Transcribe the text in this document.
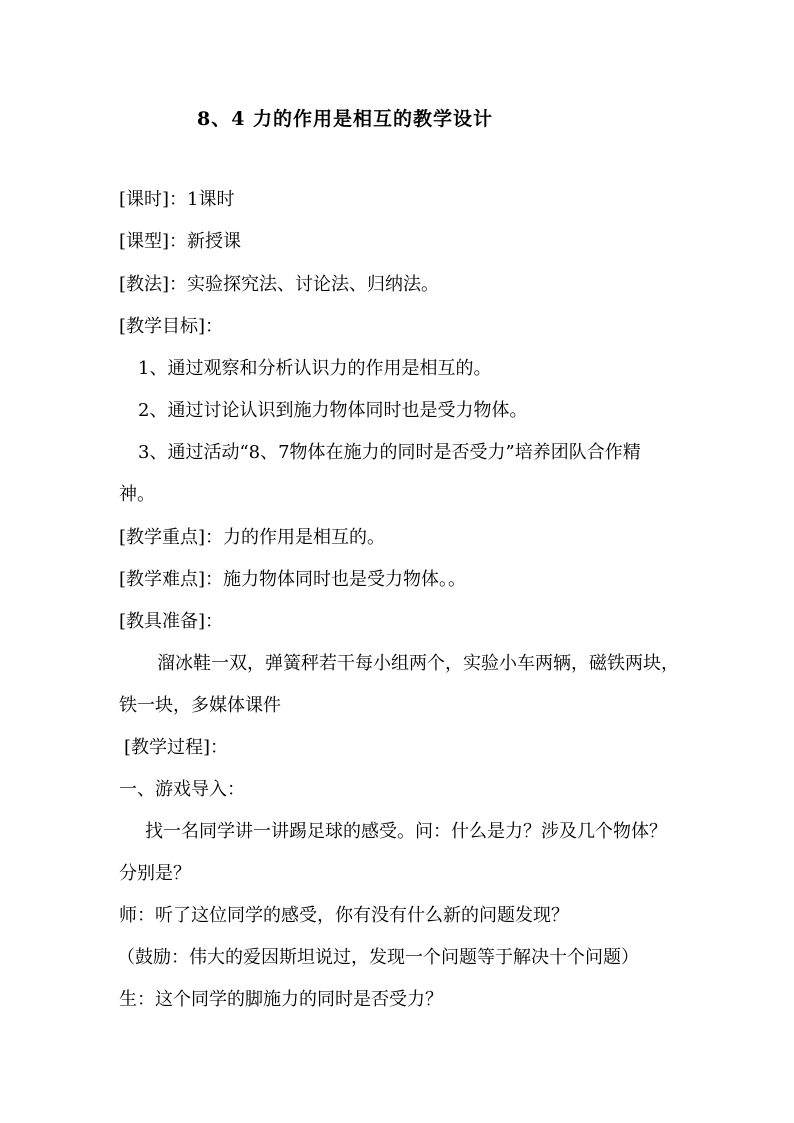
8、4 力的作用是相互的教学设计
[课时]：1课时
[课型]：新授课
[教法]：实验探究法、讨论法、归纳法。
[教学目标]：
1、通过观察和分析认识力的作用是相互的。
2、通过讨论认识到施力物体同时也是受力物体。
3、通过活动“8、7物体在施力的同时是否受力”培养团队合作精
神。
[教学重点]：力的作用是相互的。
[教学难点]：施力物体同时也是受力物体。。
[教具准备]：
溜冰鞋一双，弹簧秤若干每小组两个，实验小车两辆，磁铁两块，
铁一块，多媒体课件
[教学过程]：
一、游戏导入：
找一名同学讲一讲踢足球的感受。问：什么是力？涉及几个物体？
分别是？
师：听了这位同学的感受，你有没有什么新的问题发现？
（鼓励：伟大的爱因斯坦说过，发现一个问题等于解决十个问题）
生：这个同学的脚施力的同时是否受力？
